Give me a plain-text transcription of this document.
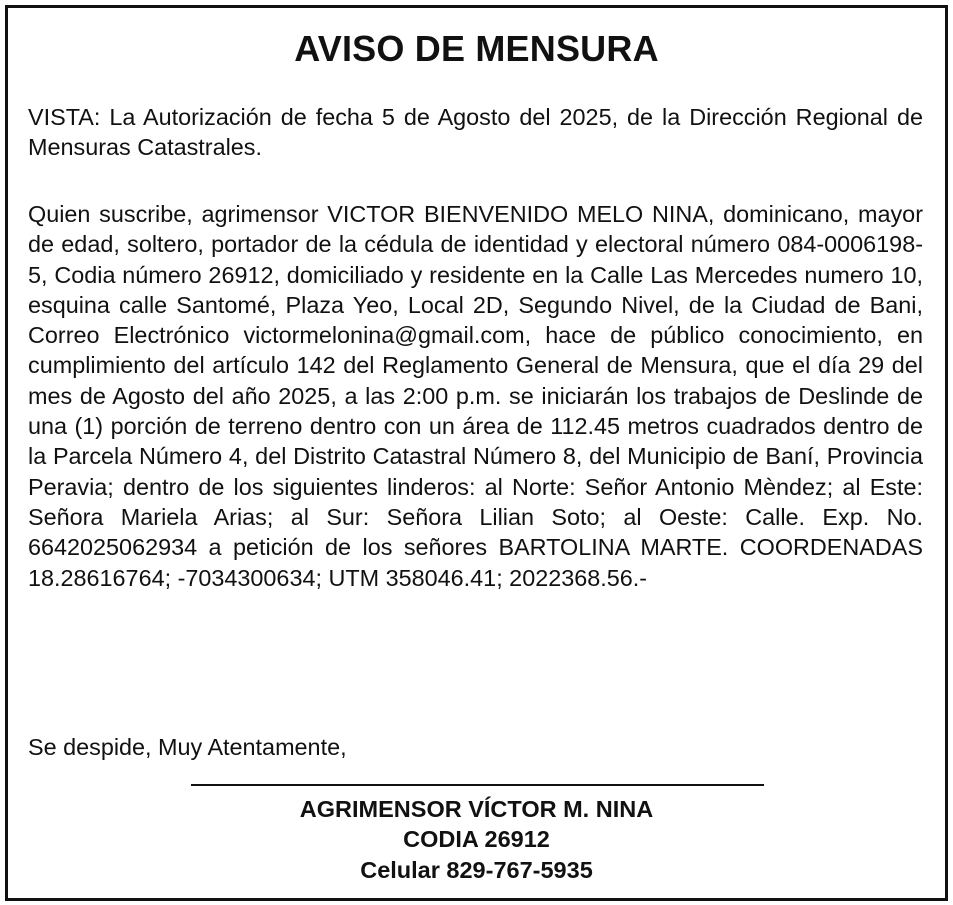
AVISO DE MENSURA

VISTA: La Autorización de fecha 5 de Agosto del 2025, de la Dirección Regional de Mensuras Catastrales.

Quien suscribe, agrimensor VICTOR BIENVENIDO MELO NINA, dominicano, mayor de edad, soltero, portador de la cédula de identidad y electoral número 084-0006198-5, Codia número 26912, domiciliado y residente en la Calle Las Mercedes numero 10, esquina calle Santomé, Plaza Yeo, Local 2D, Segundo Nivel, de la Ciudad de Bani, Correo Electrónico victormelonina@gmail.com, hace de público conocimiento, en cumplimiento del artículo 142 del Reglamento General de Mensura, que el día 29 del mes de Agosto del año 2025, a las 2:00 p.m. se iniciarán los trabajos de Deslinde de una (1) porción de terreno dentro con un área de 112.45 metros cuadrados dentro de la Parcela Número 4, del Distrito Catastral Número 8, del Municipio de Baní, Provincia Peravia; dentro de los siguientes linderos: al Norte: Señor Antonio Mèndez; al Este: Señora Mariela Arias; al Sur: Señora Lilian Soto; al Oeste: Calle. Exp. No. 6642025062934 a petición de los señores BARTOLINA MARTE. COORDENADAS 18.28616764; -7034300634; UTM 358046.41; 2022368.56.-

Se despide, Muy Atentamente,

AGRIMENSOR VÍCTOR M. NINA

CODIA 26912

Celular 829-767-5935
